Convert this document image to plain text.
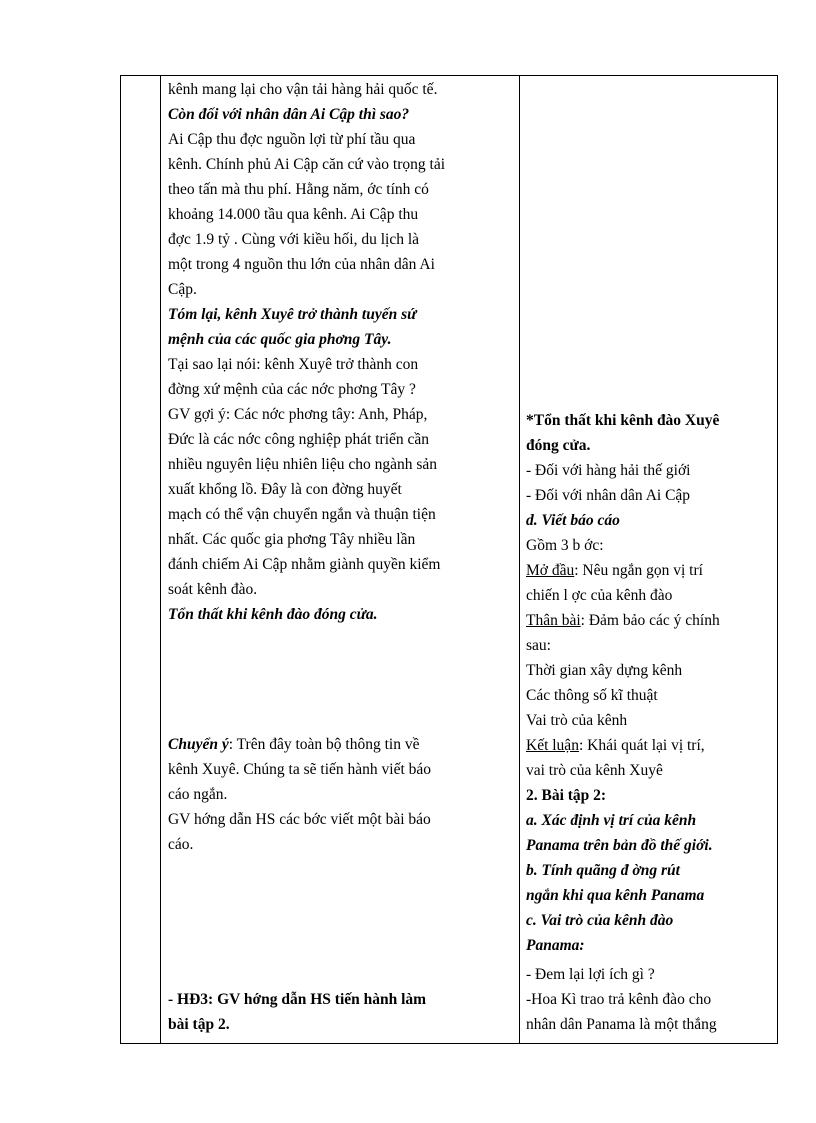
kênh mang lại cho vận tải hàng hải quốc tế.
Còn đối với nhân dân Ai Cập thì sao?
Ai Cập thu đợc nguồn lợi từ phí tầu qua
kênh. Chính phủ Ai Cập căn cứ vào trọng tải
theo tấn mà thu phí. Hằng năm, ớc tính có
khoảng 14.000 tầu qua kênh. Ai Cập thu
đợc 1.9 tỷ . Cùng với kiều hối, du lịch là
một trong 4 nguồn thu lớn của nhân dân Ai
Cập.
Tóm lại, kênh Xuyê trở thành tuyến sứ
mệnh của các quốc gia phơng Tây.
Tại sao lại nói: kênh Xuyê trở thành con
đờng xứ mệnh của các nớc phơng Tây ?
GV gợi ý: Các nớc phơng tây: Anh, Pháp,
Đức là các nớc công nghiệp phát triển cần
nhiều nguyên liệu nhiên liệu cho ngành sản
xuất khổng lồ. Đây là con đờng huyết
mạch có thể vận chuyển ngắn và thuận tiện
nhất. Các quốc gia phơng Tây nhiều lần
đánh chiếm Ai Cập nhằm giành quyền kiểm
soát kênh đào.
Tổn thất khi kênh đào đóng cửa.
Chuyển ý: Trên đây toàn bộ thông tin về
kênh Xuyê. Chúng ta sẽ tiến hành viết báo
cáo ngắn.
GV hớng dẫn HS các bớc viết một bài báo
cáo.
- HĐ3: GV hớng dẫn HS tiến hành làm
bài tập 2.
*Tổn thất khi kênh đào Xuyê
đóng cửa.
- Đối với hàng hải thế giới
- Đối với nhân dân Ai Cập
d. Viết báo cáo
Gồm 3 b ớc:
Mở đầu: Nêu ngắn gọn vị trí
chiến l ợc của kênh đào
Thân bài: Đảm bảo các ý chính
sau:
Thời gian xây dựng kênh
Các thông số kĩ thuật
Vai trò của kênh
Kết luận: Khái quát lại vị trí,
vai trò của kênh Xuyê
2. Bài tập 2:
a. Xác định vị trí của kênh
Panama trên bản đồ thế giới.
b. Tính quãng đ ờng rút
ngắn khi qua kênh Panama
c. Vai trò của kênh đào
Panama:
- Đem lại lợi ích gì ?
-Hoa Kì trao trả kênh đào cho
nhân dân Panama là một thắng
